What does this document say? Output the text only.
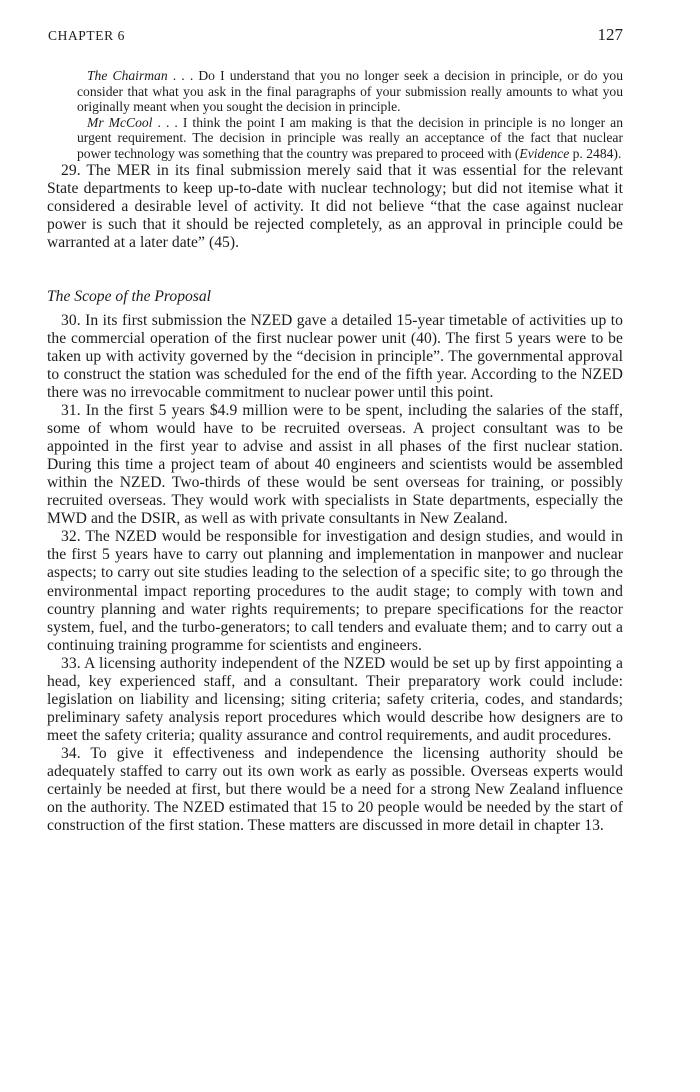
CHAPTER 6	127

The Chairman . . . Do I understand that you no longer seek a decision in principle, or do you consider that what you ask in the final paragraphs of your submission really amounts to what you originally meant when you sought the decision in principle.

Mr McCool . . . I think the point I am making is that the decision in principle is no longer an urgent requirement. The decision in principle was really an acceptance of the fact that nuclear power technology was something that the country was prepared to proceed with (Evidence p. 2484).

29. The MER in its final submission merely said that it was essential for the relevant State departments to keep up-to-date with nuclear technology; but did not itemise what it considered a desirable level of activity. It did not believe “that the case against nuclear power is such that it should be rejected completely, as an approval in principle could be warranted at a later date” (45).

The Scope of the Proposal

30. In its first submission the NZED gave a detailed 15-year timetable of activities up to the commercial operation of the first nuclear power unit (40). The first 5 years were to be taken up with activity governed by the “decision in principle”. The governmental approval to construct the station was scheduled for the end of the fifth year. According to the NZED there was no irrevocable commitment to nuclear power until this point.

31. In the first 5 years $4.9 million were to be spent, including the salaries of the staff, some of whom would have to be recruited overseas. A project consultant was to be appointed in the first year to advise and assist in all phases of the first nuclear station. During this time a project team of about 40 engineers and scientists would be assembled within the NZED. Two-thirds of these would be sent overseas for training, or possibly recruited overseas. They would work with specialists in State departments, especially the MWD and the DSIR, as well as with private consultants in New Zealand.

32. The NZED would be responsible for investigation and design studies, and would in the first 5 years have to carry out planning and implementation in manpower and nuclear aspects; to carry out site studies leading to the selection of a specific site; to go through the environmental impact reporting procedures to the audit stage; to comply with town and country planning and water rights requirements; to prepare specifications for the reactor system, fuel, and the turbo-generators; to call tenders and evaluate them; and to carry out a continuing training programme for scientists and engineers.

33. A licensing authority independent of the NZED would be set up by first appointing a head, key experienced staff, and a consultant. Their preparatory work could include: legislation on liability and licensing; siting criteria; safety criteria, codes, and standards; preliminary safety analysis report procedures which would describe how designers are to meet the safety criteria; quality assurance and control requirements, and audit procedures.

34. To give it effectiveness and independence the licensing authority should be adequately staffed to carry out its own work as early as possible. Overseas experts would certainly be needed at first, but there would be a need for a strong New Zealand influence on the authority. The NZED estimated that 15 to 20 people would be needed by the start of construction of the first station. These matters are discussed in more detail in chapter 13.
